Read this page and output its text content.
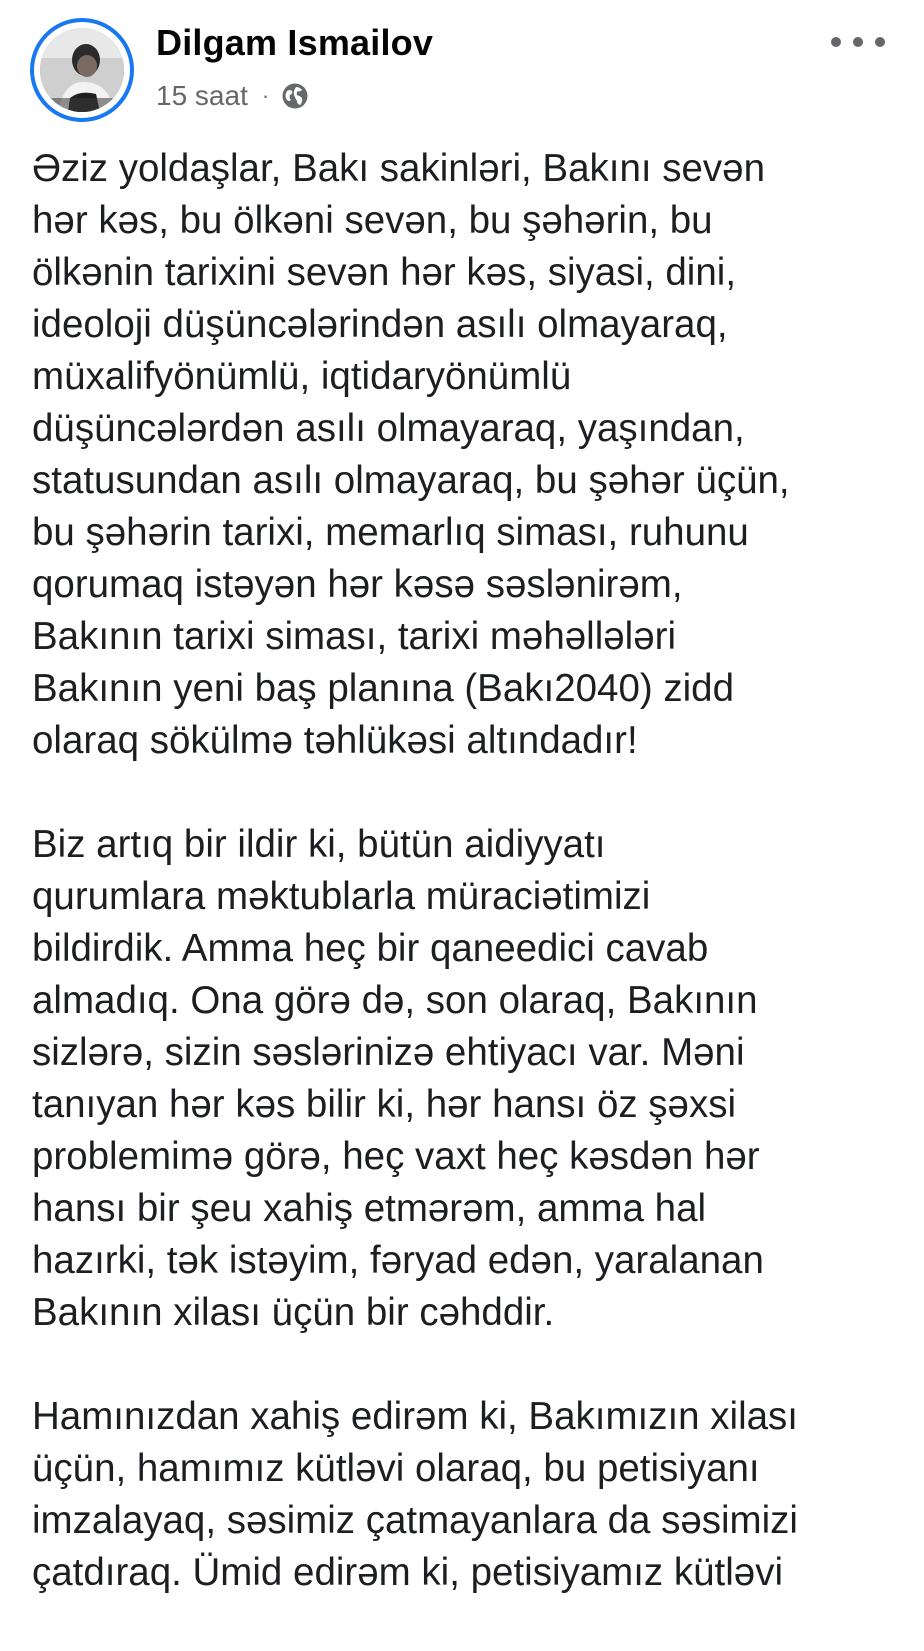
Dilgam Ismailov
15 saat ·
Əziz yoldaşlar, Bakı sakinləri, Bakını sevən
hər kəs, bu ölkəni sevən, bu şəhərin, bu
ölkənin tarixini sevən hər kəs, siyasi, dini,
ideoloji düşüncələrindən asılı olmayaraq,
müxalifyönümlü, iqtidaryönümlü
düşüncələrdən asılı olmayaraq, yaşından,
statusundan asılı olmayaraq, bu şəhər üçün,
bu şəhərin tarixi, memarlıq siması, ruhunu
qorumaq istəyən hər kəsə səslənirəm,
Bakının tarixi siması, tarixi məhəllələri
Bakının yeni baş planına (Bakı2040) zidd
olaraq sökülmə təhlükəsi altındadır!
Biz artıq bir ildir ki, bütün aidiyyatı
qurumlara məktublarla müraciətimizi
bildirdik. Amma heç bir qaneedici cavab
almadıq. Ona görə də, son olaraq, Bakının
sizlərə, sizin səslərinizə ehtiyacı var. Məni
tanıyan hər kəs bilir ki, hər hansı öz şəxsi
problemimə görə, heç vaxt heç kəsdən hər
hansı bir şeu xahiş etmərəm, amma hal
hazırki, tək istəyim, fəryad edən, yaralanan
Bakının xilası üçün bir cəhddir.
Hamınızdan xahiş edirəm ki, Bakımızın xilası
üçün, hamımız kütləvi olaraq, bu petisiyanı
imzalayaq, səsimiz çatmayanlara da səsimizi
çatdıraq. Ümid edirəm ki, petisiyamız kütləvi
